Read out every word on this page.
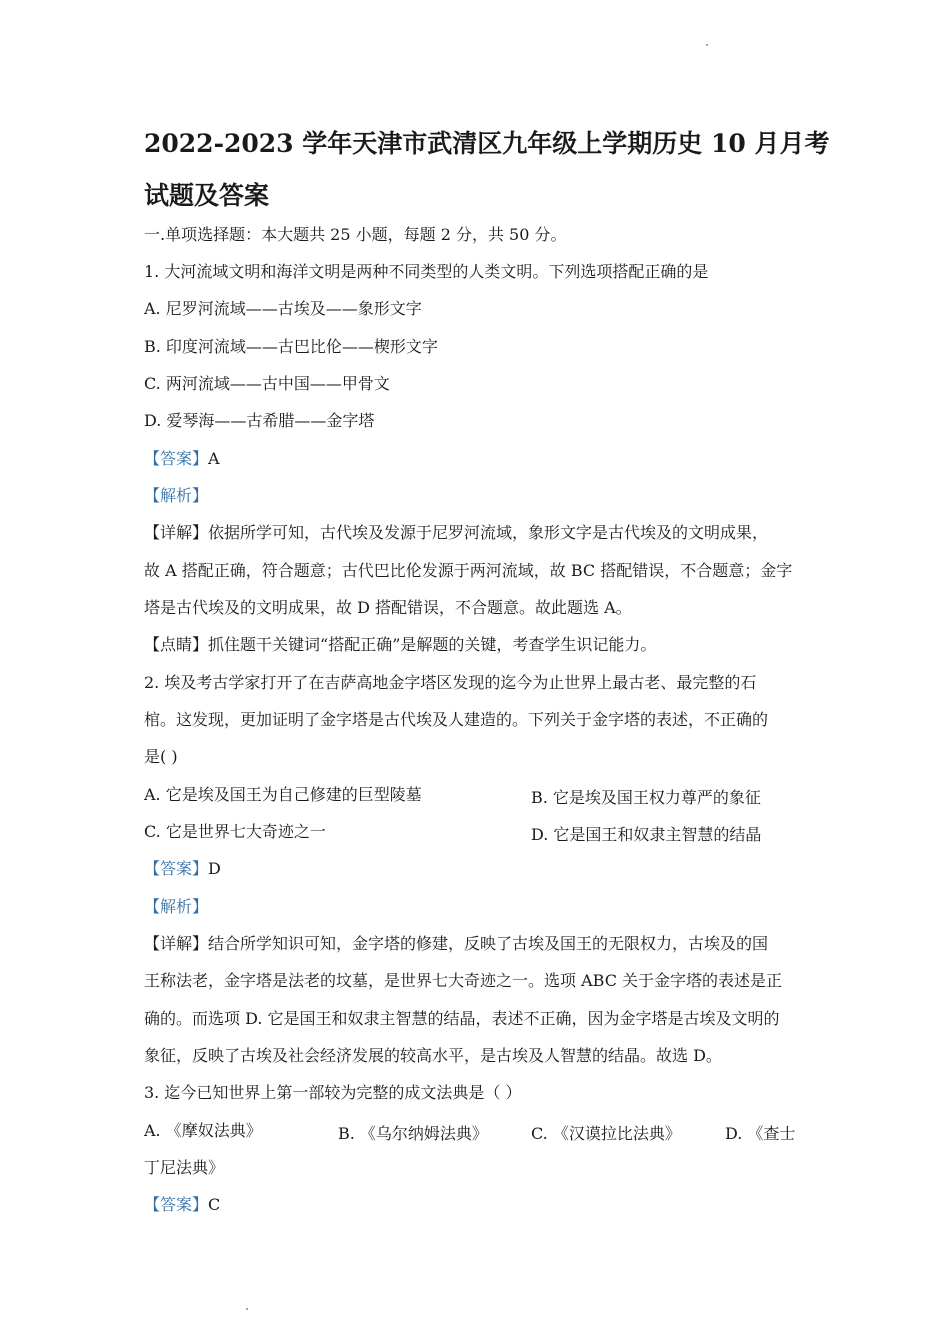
2022-2023 学年天津市武清区九年级上学期历史 10 月月考
试题及答案
一.单项选择题：本大题共 25 小题，每题 2 分，共 50 分。
1. 大河流域文明和海洋文明是两种不同类型的人类文明。下列选项搭配正确的是
A. 尼罗河流域——古埃及——象形文字
B. 印度河流域——古巴比伦——楔形文字
C. 两河流域——古中国——甲骨文
D. 爱琴海——古希腊——金字塔
【答案】A
【解析】
【详解】依据所学可知，古代埃及发源于尼罗河流域，象形文字是古代埃及的文明成果，
故 A 搭配正确，符合题意；古代巴比伦发源于两河流域，故 BC 搭配错误，不合题意；金字
塔是古代埃及的文明成果，故 D 搭配错误，不合题意。故此题选 A。
【点睛】抓住题干关键词“搭配正确”是解题的关键，考查学生识记能力。
2. 埃及考古学家打开了在吉萨高地金字塔区发现的迄今为止世界上最古老、最完整的石
棺。这发现，更加证明了金字塔是古代埃及人建造的。下列关于金字塔的表述，不正确的
是( )
A. 它是埃及国王为自己修建的巨型陵墓	B. 它是埃及国王权力尊严的象征
C. 它是世界七大奇迹之一	D. 它是国王和奴隶主智慧的结晶
【答案】D
【解析】
【详解】结合所学知识可知，金字塔的修建，反映了古埃及国王的无限权力，古埃及的国
王称法老，金字塔是法老的坟墓，是世界七大奇迹之一。选项 ABC 关于金字塔的表述是正
确的。而选项 D. 它是国王和奴隶主智慧的结晶，表述不正确，因为金字塔是古埃及文明的
象征，反映了古埃及社会经济发展的较高水平，是古埃及人智慧的结晶。故选 D。
3. 迄今已知世界上第一部较为完整的成文法典是（ ）
A. 《摩奴法典》	B. 《乌尔纳姆法典》	C. 《汉谟拉比法典》	D. 《查士
丁尼法典》
【答案】C
